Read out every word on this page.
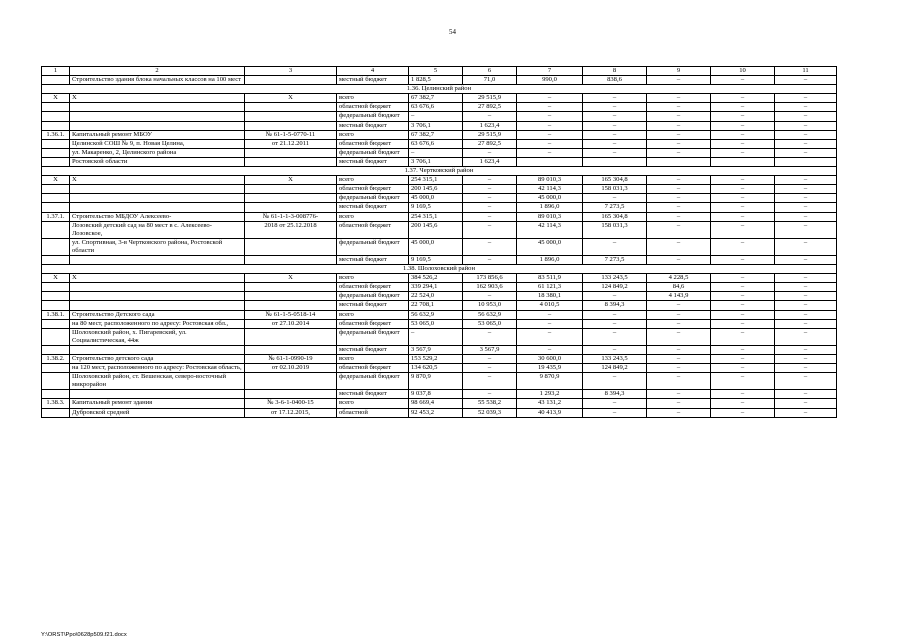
54
1	2	3	4	5	6	7	8	9	10	11
	Строительство здания блока начальных классов на 100 мест		местный бюджет	1 828,5	71,0	990,0	838,6	–	–	–
1.36. Целинский район										
Х	Х	Х	всего	67 382,7	29 515,9	–	–	–	–	–
			областной бюджет	63 676,6	27 892,5	–	–	–	–	–
			федеральный бюджет	–	–	–	–	–	–	–
			местный бюджет	3 706,1	1 623,4	–	–	–	–	–
1.36.1.	Капитальный ремонт МБОУ	№ 61-1-5-0770-11	всего	67 382,7	29 515,9	–	–	–	–	–
	Целинской СОШ № 9, п. Новая Целина,	от 21.12.2011	областной бюджет	63 676,6	27 892,5	–	–	–	–	–
	ул. Макаренко, 2, Целинского района		федеральный бюджет	–	–	–	–	–	–	–
	Ростовской области		местный бюджет	3 706,1	1 623,4					
1.37. Чертковский район										
Х	Х	Х	всего	254 315,1	–	89 010,3	165 304,8	–	–	–
			областной бюджет	200 145,6	–	42 114,3	158 031,3	–	–	–
			федеральный бюджет	45 000,0	–	45 000,0	–	–	–	–
			местный бюджет	9 169,5	–	1 896,0	7 273,5	–	–	–
1.37.1.	Строительство МБДОУ Алексеево-	№ 61-1-1-3-008776-	всего	254 315,1	–	89 010,3	165 304,8	–	–	–
	Лозовский детский сад на 80 мест в с. Алексеево-Лозовское,	2018 от 25.12.2018	областной бюджет	200 145,6	–	42 114,3	158 031,3	–	–	–
	ул. Спортивная, 3-в Чертковского района, Ростовской области		федеральный бюджет	45 000,0	–	45 000,0	–	–	–	–
			местный бюджет	9 169,5	–	1 896,0	7 273,5	–	–	–
1.38. Шолоховский район										
Х	Х	Х	всего	384 526,2	173 856,6	83 511,9	133 243,5	4 228,5	–	–
			областной бюджет	339 294,1	162 903,6	61 121,3	124 849,2	84,6	–	–
			федеральный бюджет	22 524,0	–	18 380,1	–	4 143,9	–	–
			местный бюджет	22 708,1	10 953,0	4 010,5	8 394,3	–	–	–
1.38.1.	Строительство Детского сада	№ 61-1-5-0518-14	всего	56 632,9	56 632,9	–	–	–	–	–
	на 80 мест, расположенного по адресу: Ростовская обл.,	от 27.10.2014	областной бюджет	53 065,0	53 065,0	–	–	–	–	–
	Шолоховский район, х. Пигаревский, ул. Социалистическая, 44ж		федеральный бюджет	–	–	–	–	–	–	–
			местный бюджет	3 567,9	3 567,9	–	–	–	–	–
1.38.2.	Строительство детского сада	№ 61-1-0990-19	всего	153 529,2	–	30 600,0	133 243,5	–	–	–
	на 120 мест, расположенного по адресу: Ростовская область,	от 02.10.2019	областной бюджет	134 620,5	–	19 435,9	124 849,2	–	–	–
	Шолоховский район, ст. Вешенская, северо-восточный микрорайон		федеральный бюджет	9 870,9	–	9 870,9	–	–	–	–
			местный бюджет	9 037,8	–	1 293,2	8 394,3	–	–	–
1.38.3.	Капитальный ремонт здания	№ 3-6-1-0400-15	всего	98 669,4	55 538,2	43 131,2	–	–	–	–
	Дубровской средней	от 17.12.2015,	областной	92 453,2	52 039,3	40 413,9	–	–	–	–
Y:\ORST\Ppo\0628p509.f21.docx
